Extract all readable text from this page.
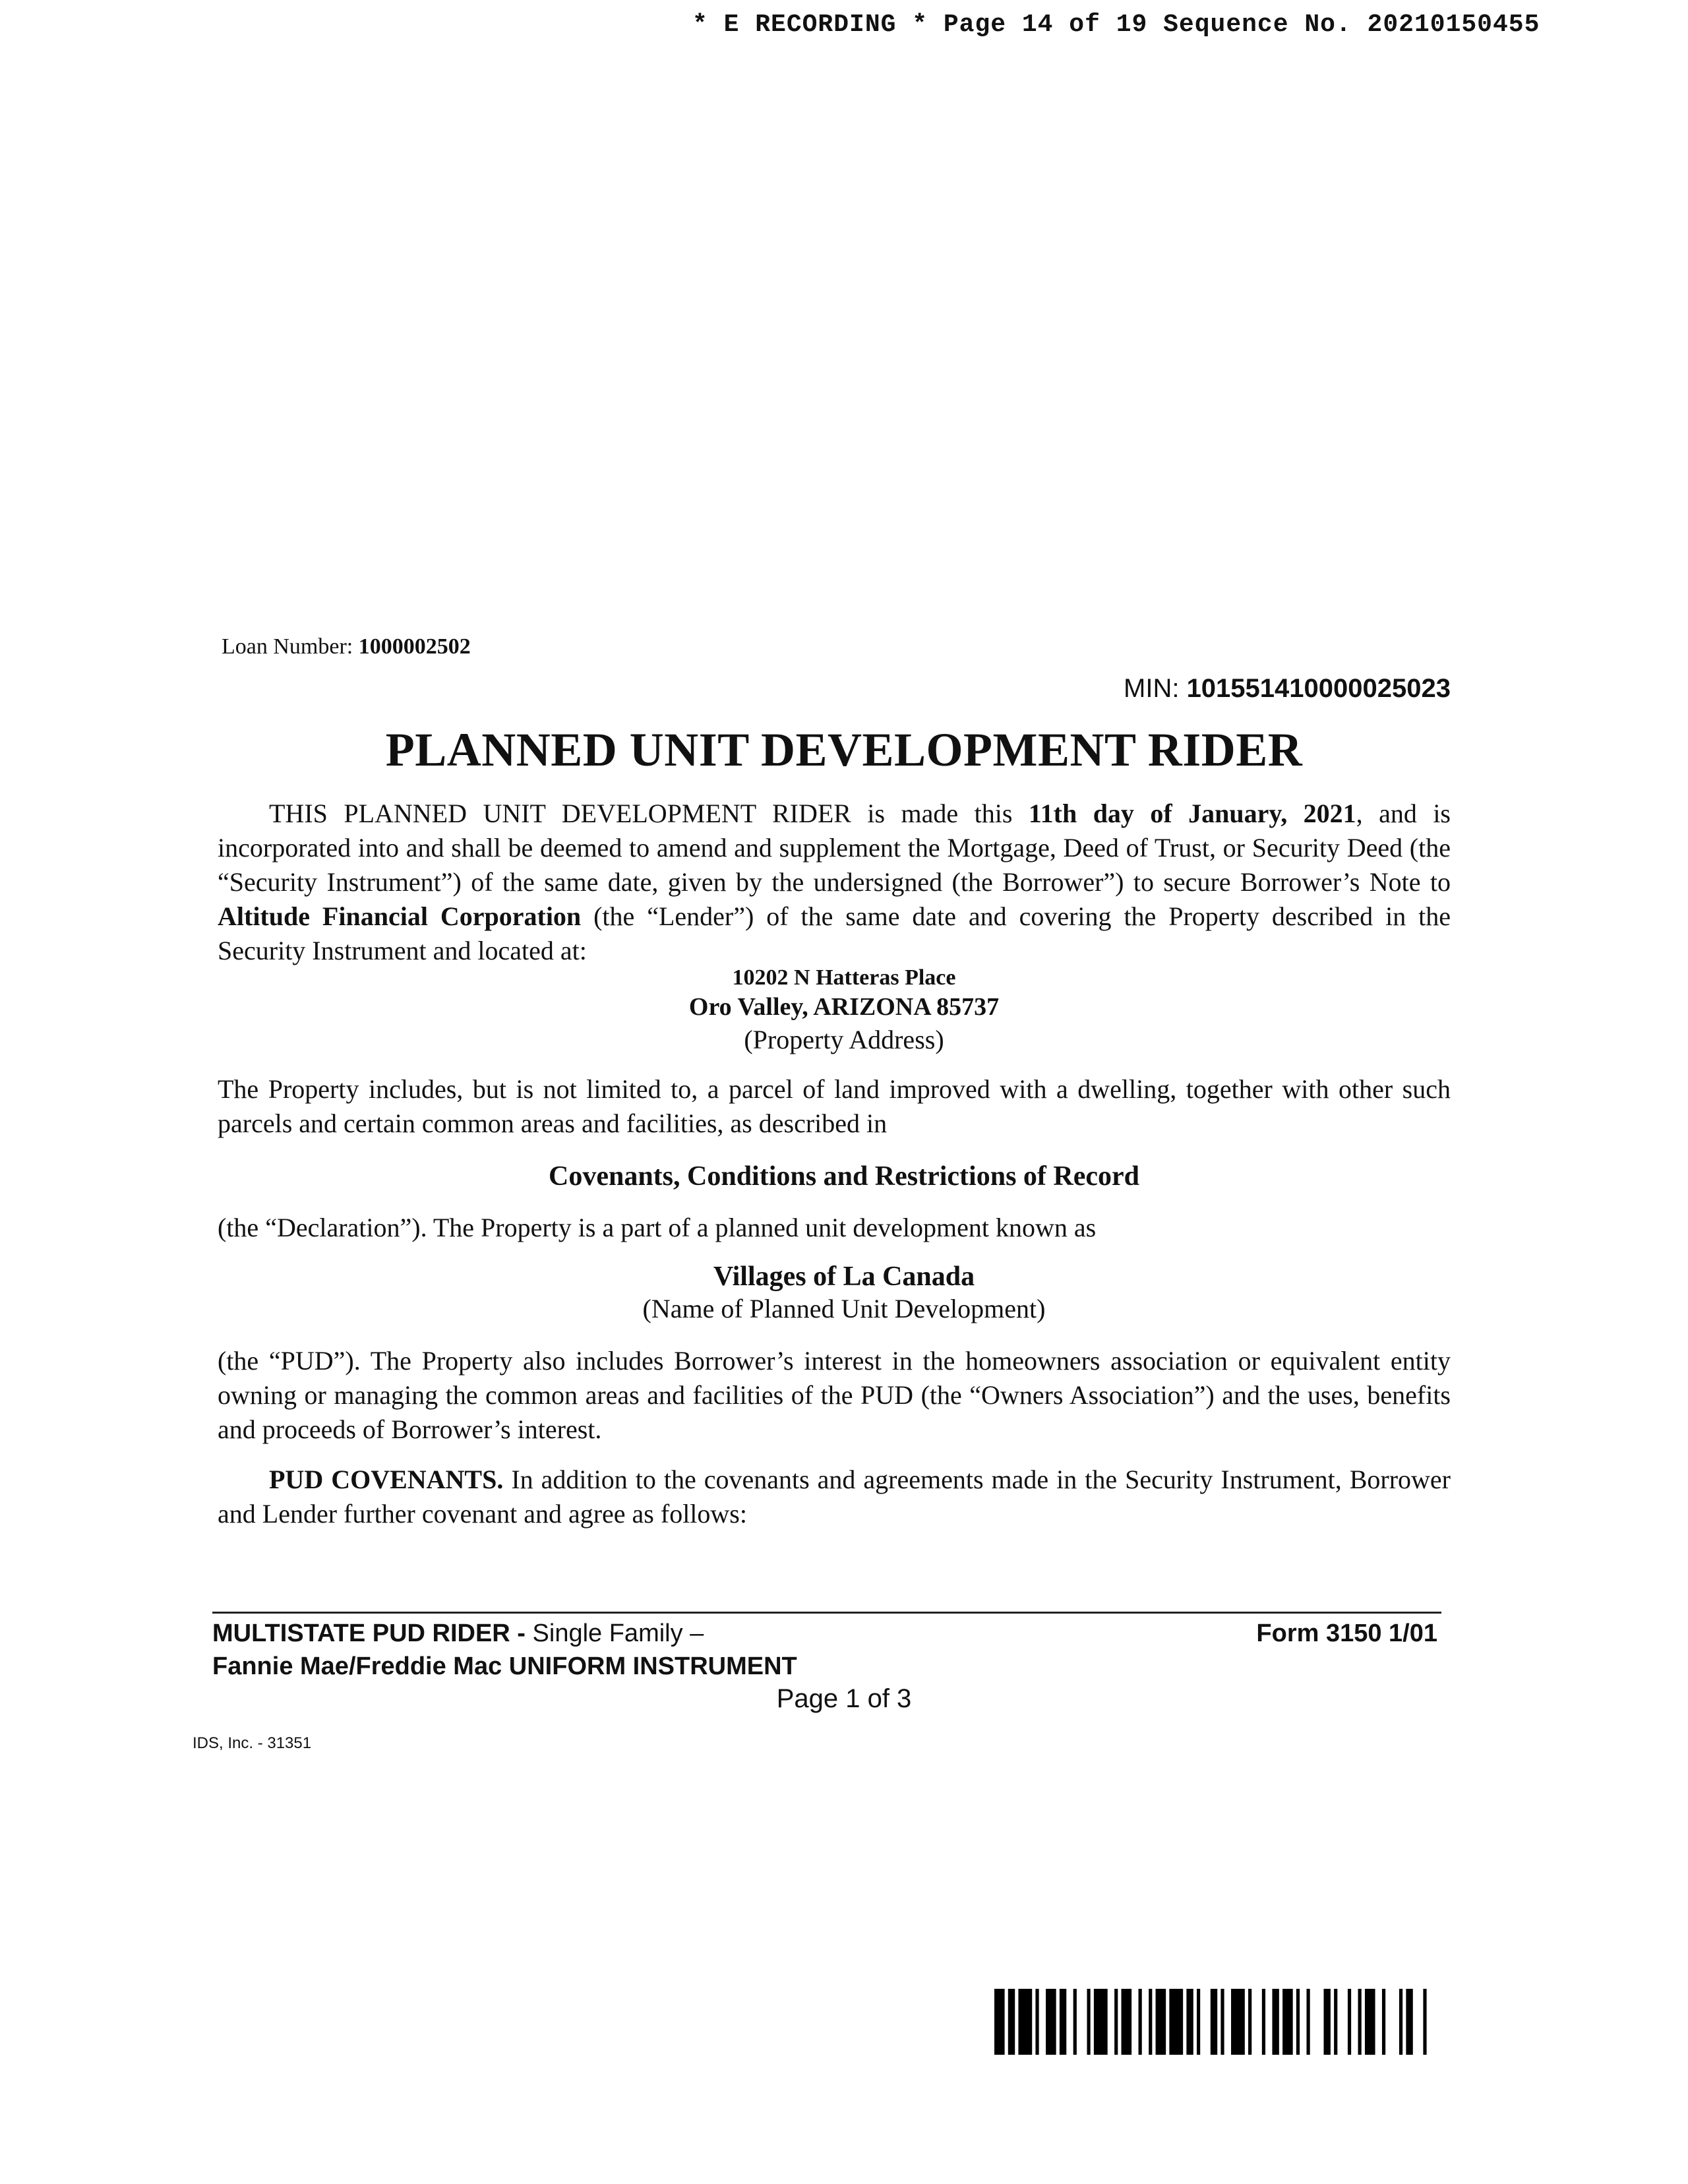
* E RECORDING * Page 14 of 19 Sequence No. 20210150455
Loan Number: 1000002502
MIN: 1015514100000250​23
PLANNED UNIT DEVELOPMENT RIDER

THIS PLANNED UNIT DEVELOPMENT RIDER is made this 11th day of January, 2021, and is incorporated into and shall be deemed to amend and supplement the Mortgage, Deed of Trust, or Security Deed (the “Security Instrument”) of the same date, given by the undersigned (the Borrower”) to secure Borrower’s Note to Altitude Financial Corporation (the “Lender”) of the same date and covering the Property described in the Security Instrument and located at:

10202 N Hatteras Place

Oro Valley, ARIZONA 85737

(Property Address)

The Property includes, but is not limited to, a parcel of land improved with a dwelling, together with other such parcels and certain common areas and facilities, as described in

Covenants, Conditions and Restrictions of Record

(the “Declaration”). The Property is a part of a planned unit development known as

Villages of La Canada

(Name of Planned Unit Development)

(the “PUD”). The Property also includes Borrower’s interest in the homeowners association or equivalent entity owning or managing the common areas and facilities of the PUD (the “Owners Association”) and the uses, benefits and proceeds of Borrower’s interest.

PUD COVENANTS. In addition to the covenants and agreements made in the Security Instrument, Borrower and Lender further covenant and agree as follows:

MULTISTATE PUD RIDER - Single Family –
Fannie Mae/Freddie Mac UNIFORM INSTRUMENT
Form 3150 1/01
Page 1 of 3
IDS, Inc. - 31351
